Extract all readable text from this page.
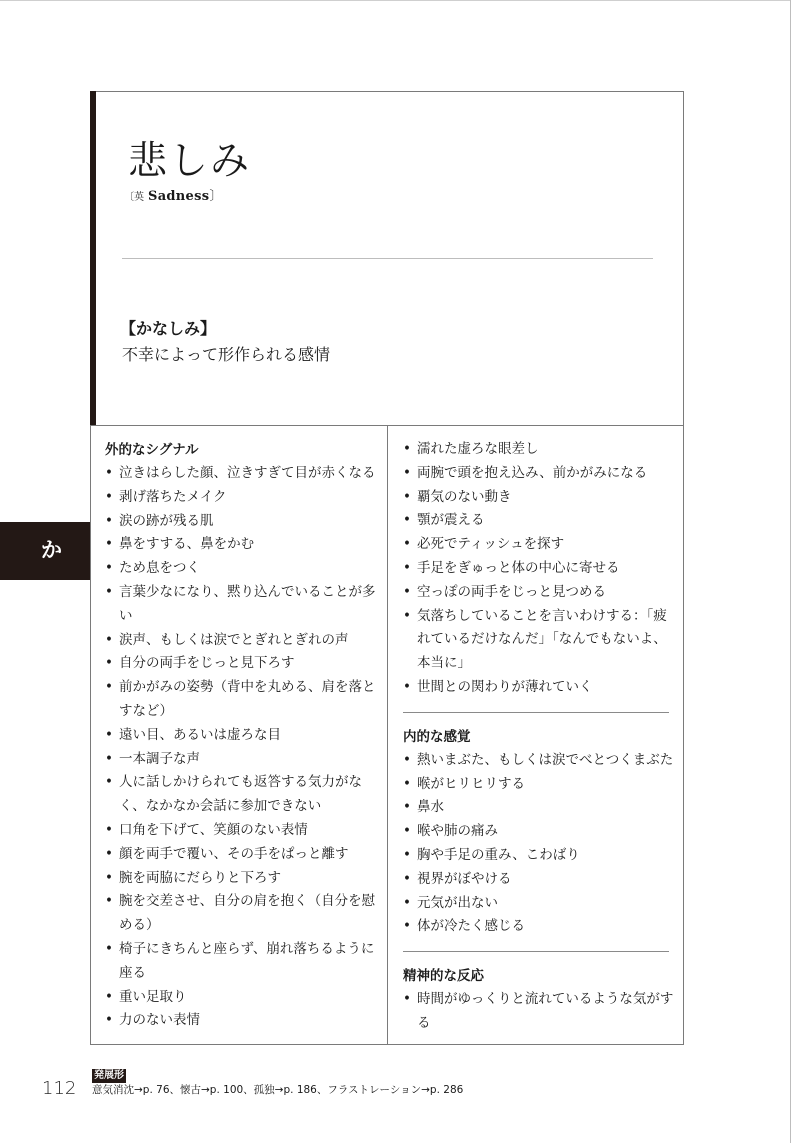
悲しみ
〔英 Sadness〕
【かなしみ】
不幸によって形作られる感情
か

外的なシグナル

• 泣きはらした顔、泣きすぎて目が赤くなる
• 剥げ落ちたメイク
• 涙の跡が残る肌
• 鼻をすする、鼻をかむ
• ため息をつく
• 言葉少なになり、黙り込んでいることが多い
• 涙声、もしくは涙でとぎれとぎれの声
• 自分の両手をじっと見下ろす
• 前かがみの姿勢（背中を丸める、肩を落とすなど）
• 遠い目、あるいは虚ろな目
• 一本調子な声
• 人に話しかけられても返答する気力がなく、なかなか会話に参加できない
• 口角を下げて、笑顔のない表情
• 顔を両手で覆い、その手をぱっと離す
• 腕を両脇にだらりと下ろす
• 腕を交差させ、自分の肩を抱く（自分を慰める）
• 椅子にきちんと座らず、崩れ落ちるように座る
• 重い足取り
• 力のない表情
• 濡れた虚ろな眼差し
• 両腕で頭を抱え込み、前かがみになる
• 覇気のない動き
• 顎が震える
• 必死でティッシュを探す
• 手足をぎゅっと体の中心に寄せる
• 空っぽの両手をじっと見つめる
• 気落ちしていることを言いわけする：「疲れているだけなんだ」「なんでもないよ、本当に」
• 世間との関わりが薄れていく

内的な感覚

• 熱いまぶた、もしくは涙でべとつくまぶた
• 喉がヒリヒリする
• 鼻水
• 喉や肺の痛み
• 胸や手足の重み、こわばり
• 視界がぼやける
• 元気が出ない
• 体が冷たく感じる

精神的な反応

• 時間がゆっくりと流れているような気がする
112
発展形
意気消沈→p. 76、懐古→p. 100、孤独→p. 186、フラストレーション→p. 286
